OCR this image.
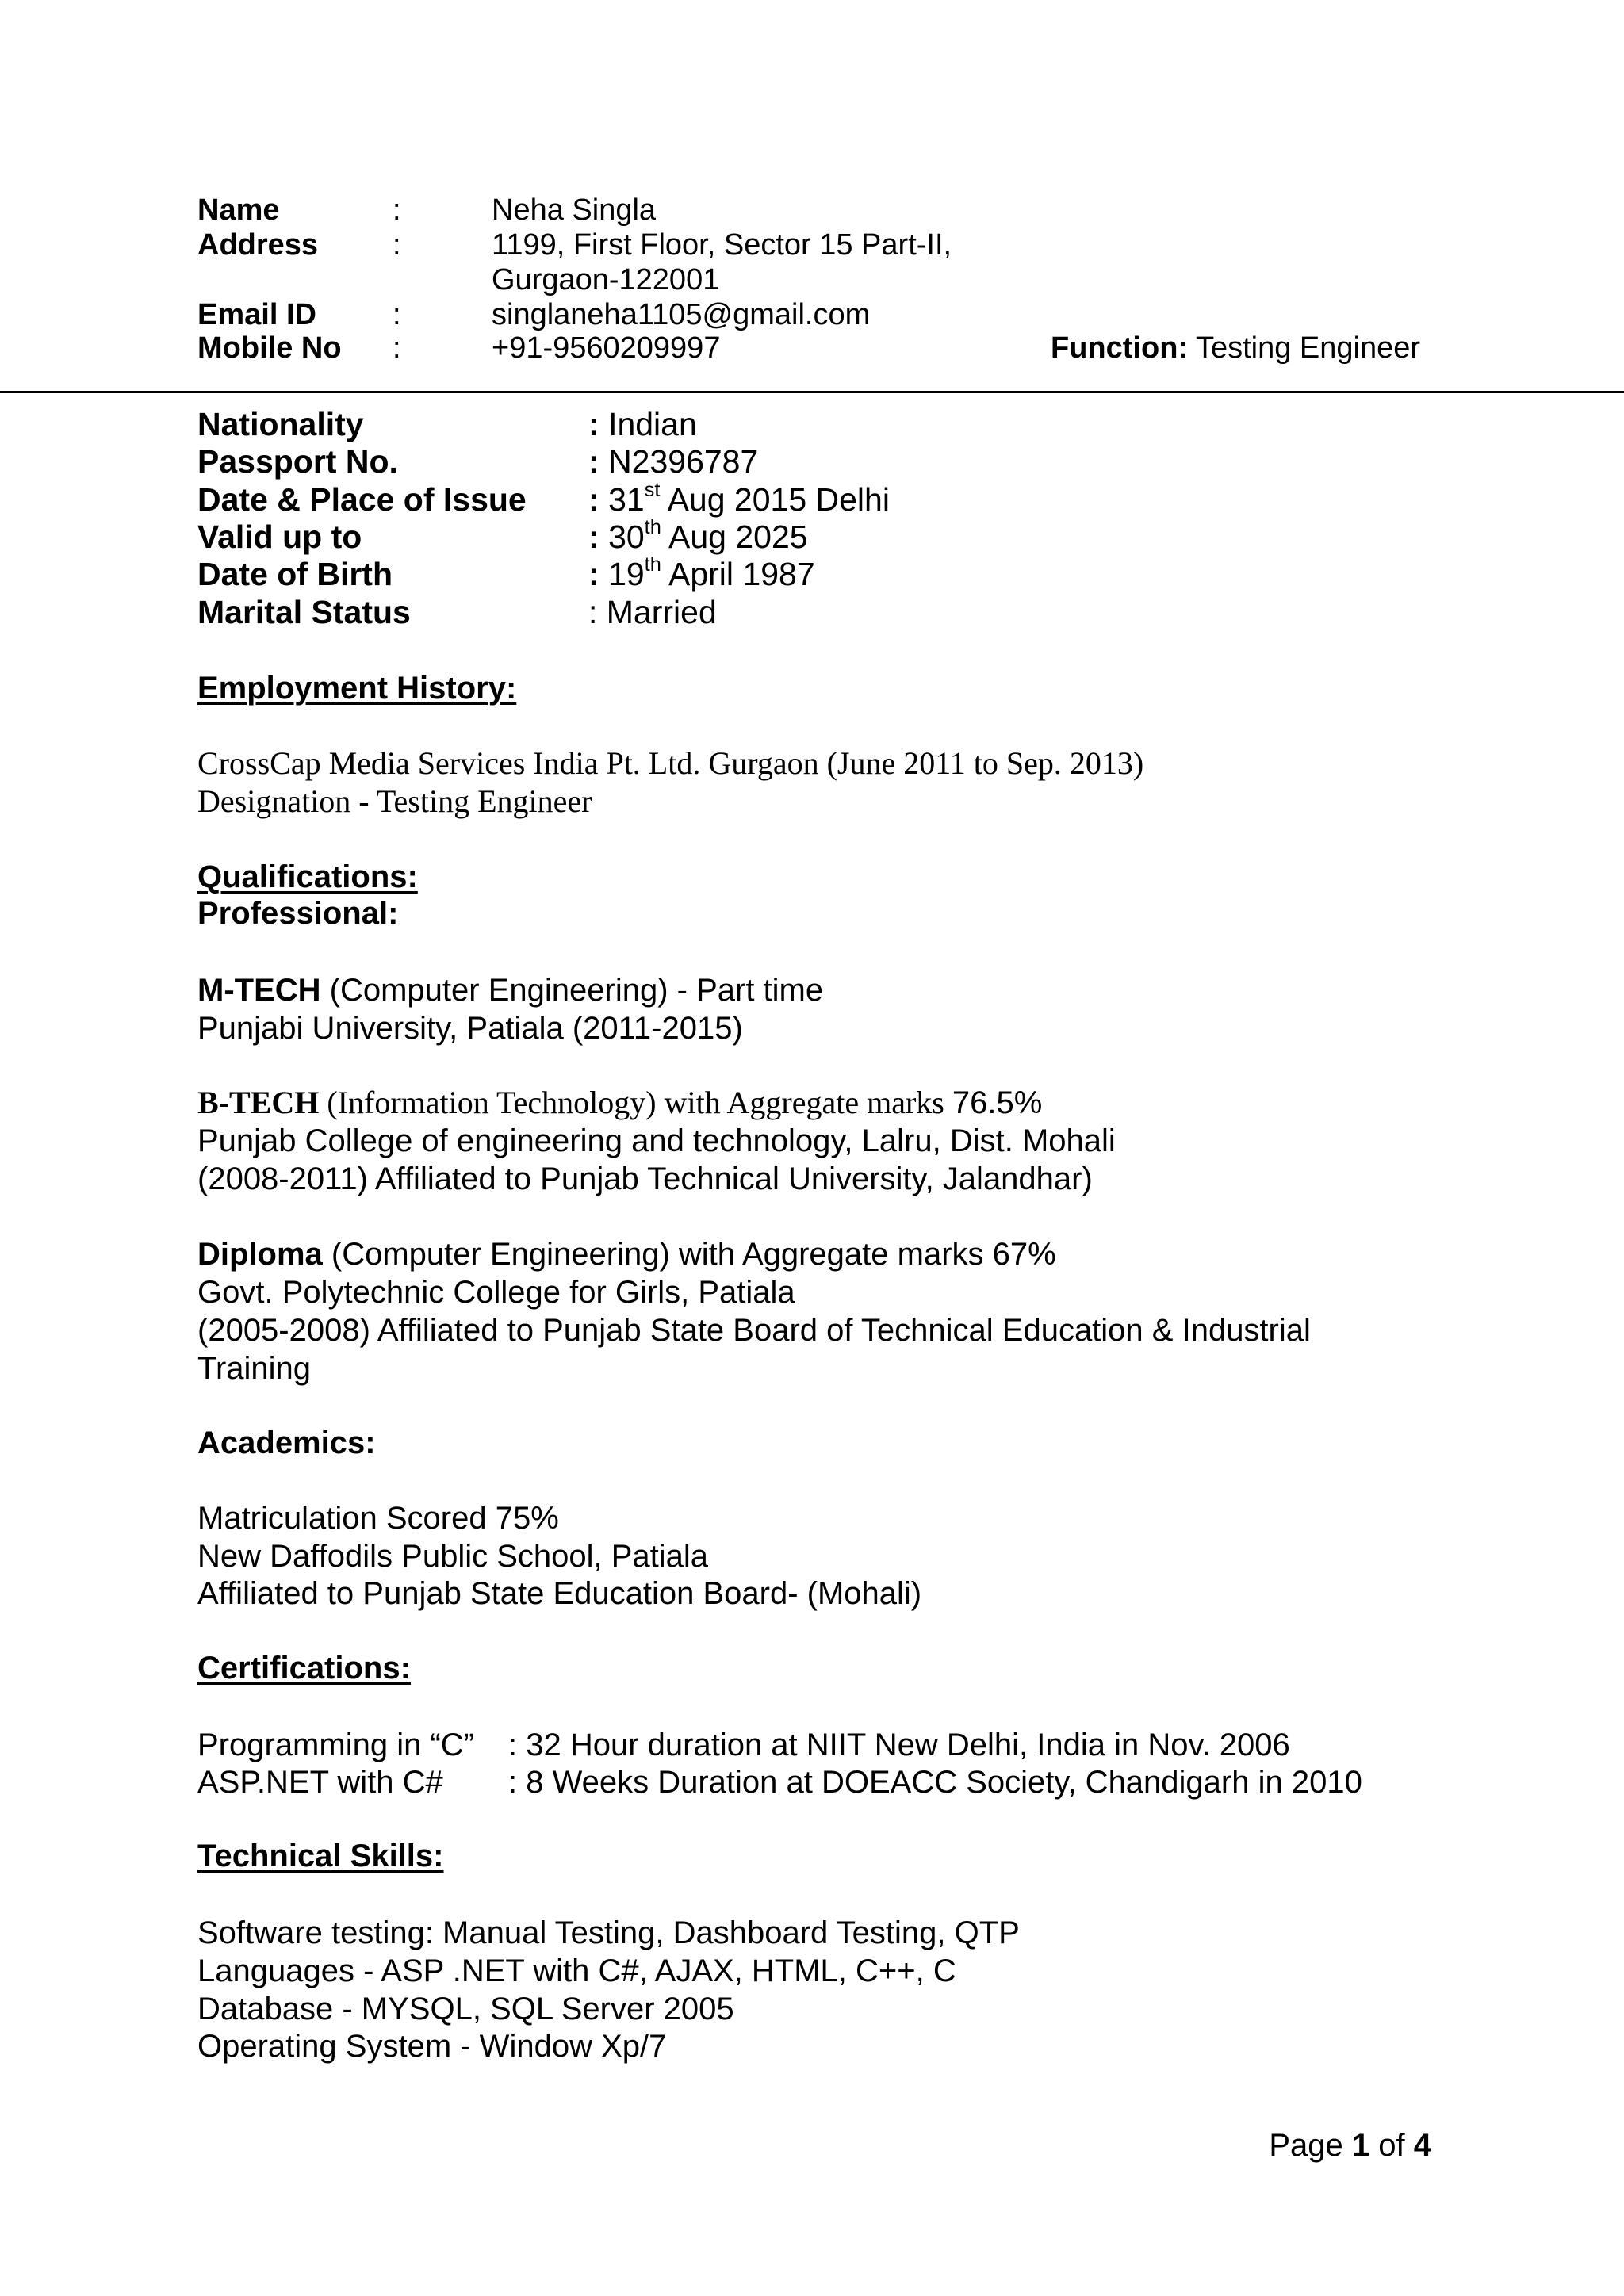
Name	:	Neha Singla
Address :	1199, First Floor, Sector 15 Part-II,
Gurgaon-122001
Email ID	:	singlaneha1105@gmail.com
Mobile No :	+91-9560209997	Function: Testing Engineer
Nationality	: Indian
Passport No.	: N2396787
Date & Place of Issue : 31st Aug 2015 Delhi
Valid up to	: 30th Aug 2025
Date of Birth	: 19th April 1987
Marital Status	: Married
Employment History:
CrossCap Media Services India Pt. Ltd. Gurgaon (June 2011 to Sep. 2013)
Designation - Testing Engineer
Qualifications:
Professional:
M-TECH (Computer Engineering) - Part time
Punjabi University, Patiala (2011-2015)
B-TECH (Information Technology) with Aggregate marks 76.5%
Punjab College of engineering and technology, Lalru, Dist. Mohali
(2008-2011) Affiliated to Punjab Technical University, Jalandhar)
Diploma (Computer Engineering) with Aggregate marks 67%
Govt. Polytechnic College for Girls, Patiala
(2005-2008) Affiliated to Punjab State Board of Technical Education & Industrial
Training
Academics:
Matriculation Scored 75%
New Daffodils Public School, Patiala
Affiliated to Punjab State Education Board- (Mohali)
Certifications:
Programming in “C” : 32 Hour duration at NIIT New Delhi, India in Nov. 2006
ASP.NET with C# : 8 Weeks Duration at DOEACC Society, Chandigarh in 2010
Technical Skills:
Software testing: Manual Testing, Dashboard Testing, QTP
Languages - ASP .NET with C#, AJAX, HTML, C++, C
Database - MYSQL, SQL Server 2005
Operating System - Window Xp/7
Page 1 of 4
